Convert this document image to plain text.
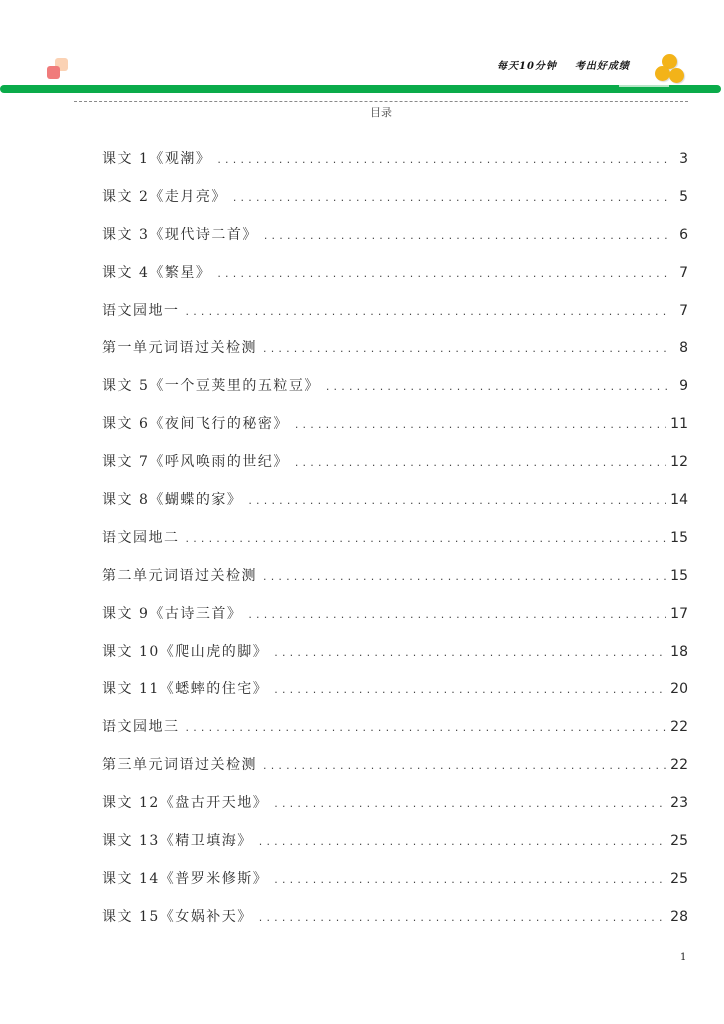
每天10分钟 考出好成绩
目录
课文 1《观潮》 .....	3
课文 2《走月亮》 .....	5
课文 3《现代诗二首》 .....	6
课文 4《繁星》 .....	7
语文园地一 .....	7
第一单元词语过关检测 .....	8
课文 5《一个豆荚里的五粒豆》 .....	9
课文 6《夜间飞行的秘密》 .....	11
课文 7《呼风唤雨的世纪》 .....	12
课文 8《蝴蝶的家》 .....	14
语文园地二 .....	15
第二单元词语过关检测 .....	15
课文 9《古诗三首》 .....	17
课文 10《爬山虎的脚》 .....	18
课文 11《蟋蟀的住宅》 .....	20
语文园地三 .....	22
第三单元词语过关检测 .....	22
课文 12《盘古开天地》 .....	23
课文 13《精卫填海》 .....	25
课文 14《普罗米修斯》 .....	25
课文 15《女娲补天》 .....	28
1
